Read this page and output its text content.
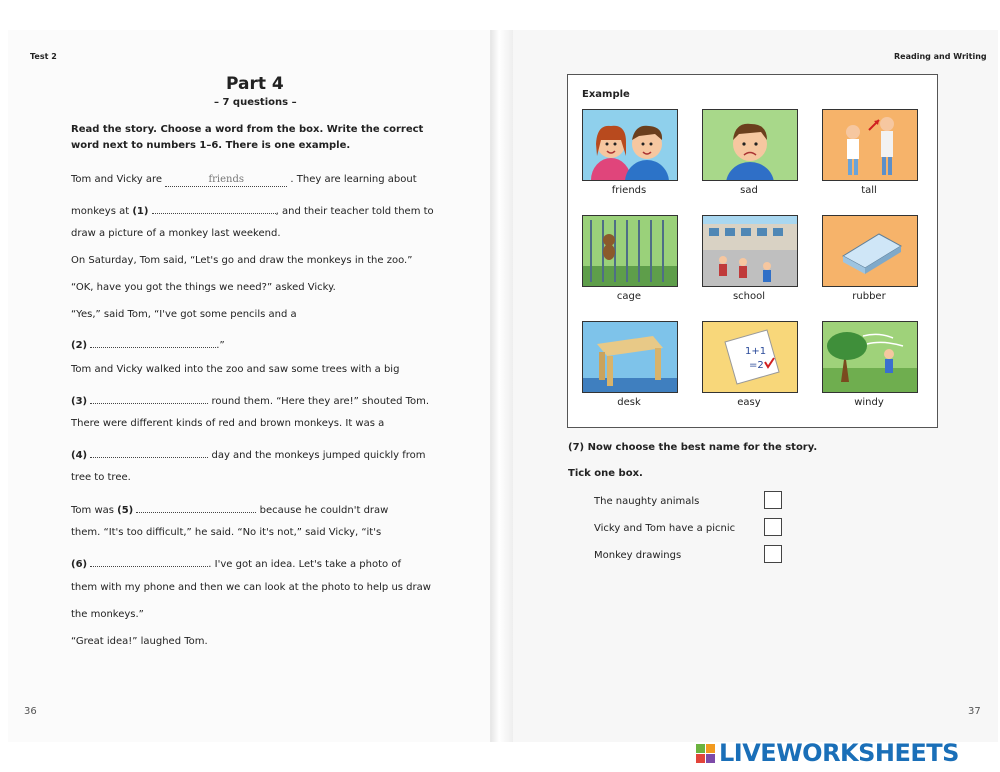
Test 2
Part 4
– 7 questions –
Read the story. Choose a word from the box. Write the correct word next to numbers 1–6. There is one example.
Tom and Vicky are	friends	. They are learning about
monkeys at (1)	, and their teacher told them to
draw a picture of a monkey last weekend.
On Saturday, Tom said, “Let's go and draw the monkeys in the zoo.”
“OK, have you got the things we need?” asked Vicky.
“Yes,” said Tom, “I've got some pencils and a
(2)	.”
Tom and Vicky walked into the zoo and saw some trees with a big
(3)	round them. “Here they are!” shouted Tom.
There were different kinds of red and brown monkeys. It was a
(4)	day and the monkeys jumped quickly from
tree to tree.
Tom was (5)	because he couldn't draw
them. “It's too difficult,” he said. “No it's not,” said Vicky, “it's
(6)	. I've got an idea. Let's take a photo of
them with my phone and then we can look at the photo to help us draw
the monkeys.”
“Great idea!” laughed Tom.
36
Reading and Writing
Example
friends	sad	tall
cage	school	rubber
desk
1+1
=2
easy	windy
(7) Now choose the best name for the story.
Tick one box.
The naughty animals
Vicky and Tom have a picnic
Monkey drawings
37
LIVEWORKSHEETS
